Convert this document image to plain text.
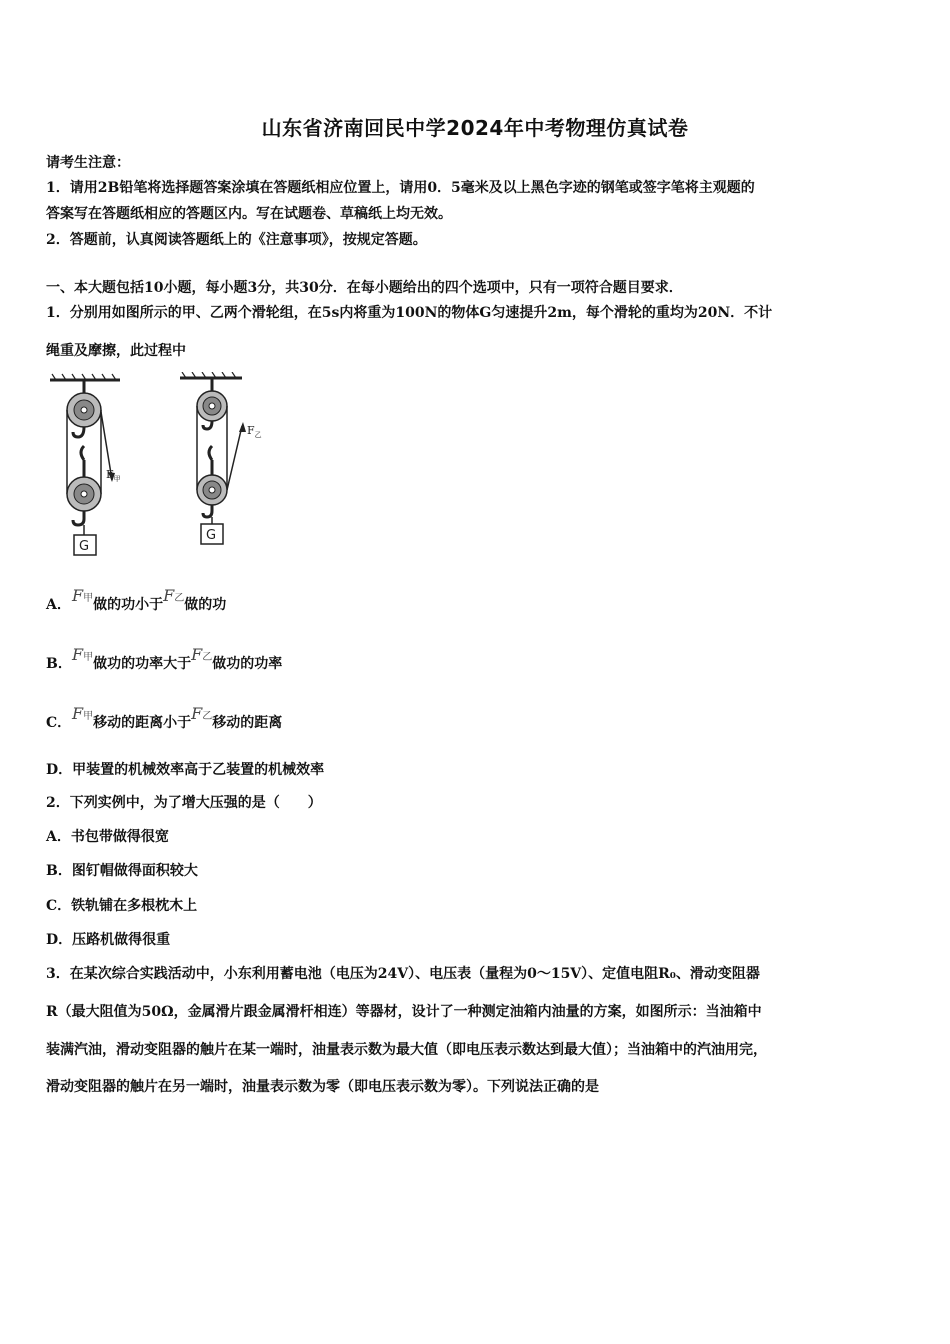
山东省济南回民中学2024年中考物理仿真试卷
请考生注意：
1．请用2B铅笔将选择题答案涂填在答题纸相应位置上，请用0．5毫米及以上黑色字迹的钢笔或签字笔将主观题的
答案写在答题纸相应的答题区内。写在试题卷、草稿纸上均无效。
2．答题前，认真阅读答题纸上的《注意事项》，按规定答题。
一、本大题包括10小题，每小题3分，共30分．在每小题给出的四个选项中，只有一项符合题目要求．
1．分别用如图所示的甲、乙两个滑轮组，在5s内将重为100N的物体G匀速提升2m，每个滑轮的重均为20N．不计
绳重及摩擦，此过程中
$F_甲$
G
$F_乙$
G
A．F甲做的功小于F乙做的功
B．F甲做功的功率大于F乙做功的功率
C．F甲移动的距离小于F乙移动的距离
D．甲装置的机械效率高于乙装置的机械效率
2．下列实例中，为了增大压强的是（　　）
A．书包带做得很宽
B．图钉帽做得面积较大
C．铁轨铺在多根枕木上
D．压路机做得很重
3．在某次综合实践活动中，小东利用蓄电池（电压为24V）、电压表（量程为0～15V）、定值电阻R₀、滑动变阻器
R（最大阻值为50Ω，金属滑片跟金属滑杆相连）等器材，设计了一种测定油箱内油量的方案，如图所示：当油箱中
装满汽油，滑动变阻器的触片在某一端时，油量表示数为最大值（即电压表示数达到最大值）；当油箱中的汽油用完，
滑动变阻器的触片在另一端时，油量表示数为零（即电压表示数为零）。下列说法正确的是
